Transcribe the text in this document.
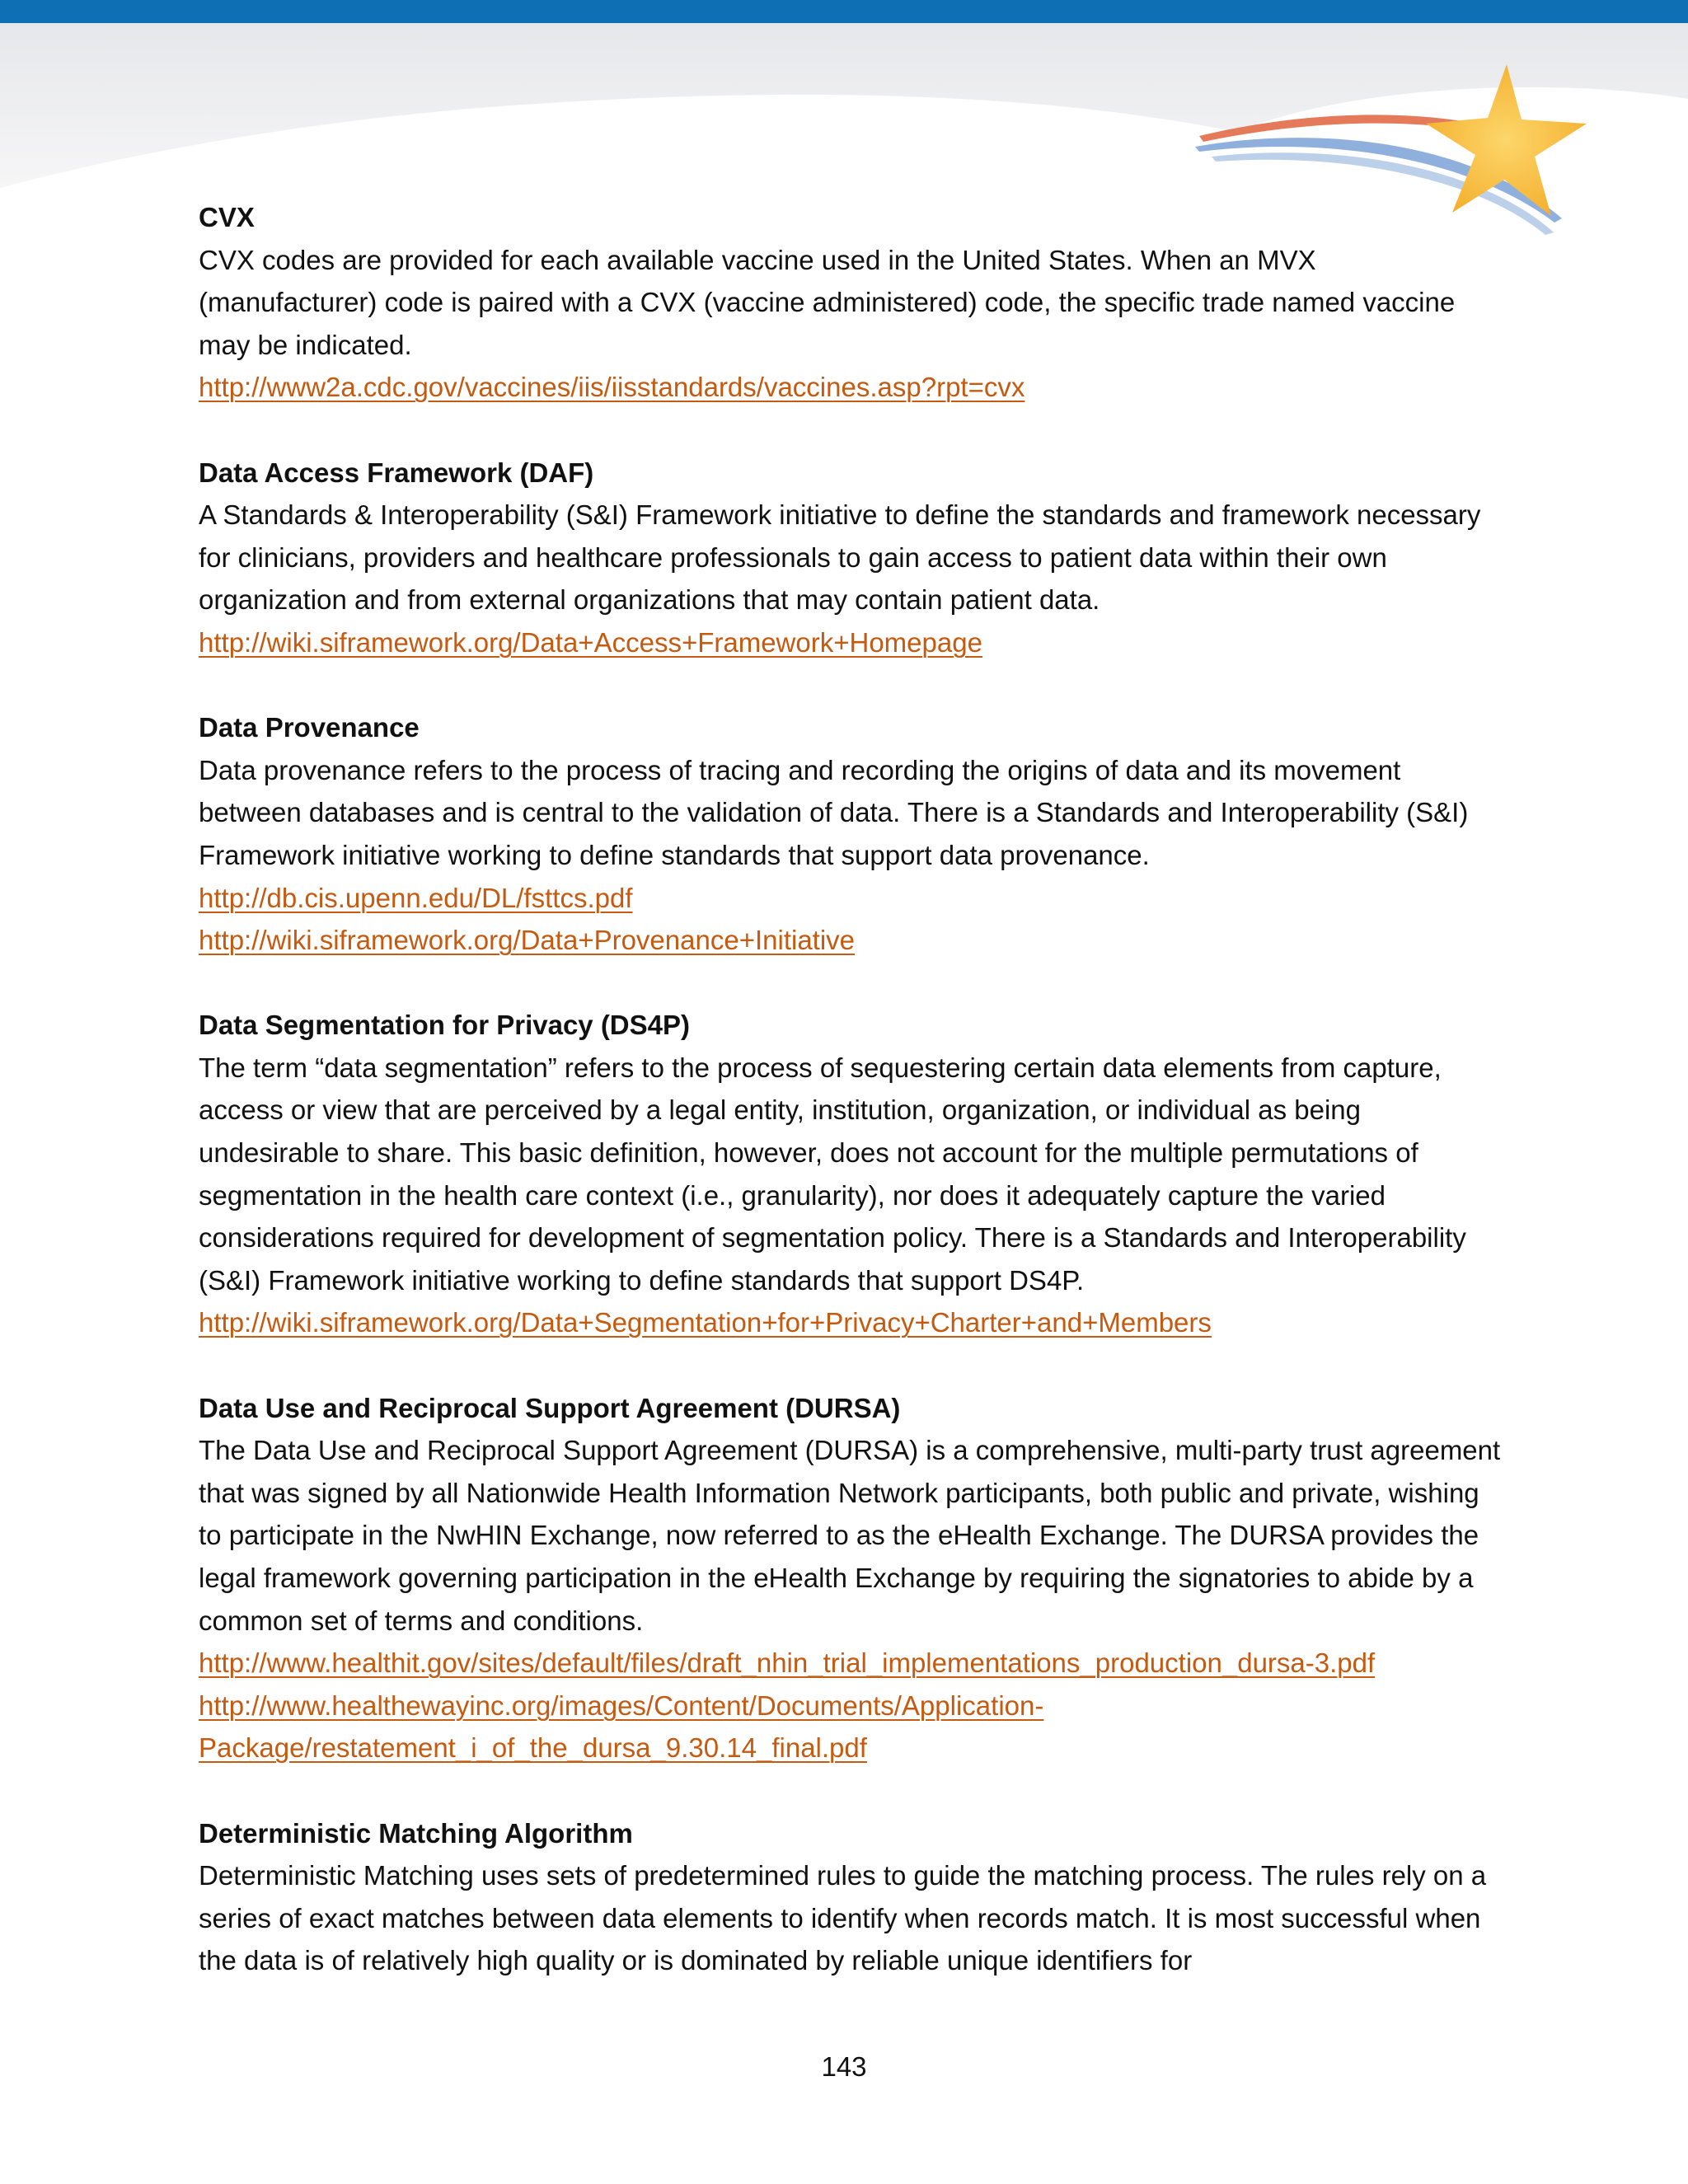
CVX

CVX codes are provided for each available vaccine used in the United States. When an MVX (manufacturer) code is paired with a CVX (vaccine administered) code, the specific trade named vaccine may be indicated.

http://www2a.cdc.gov/vaccines/iis/iisstandards/vaccines.asp?rpt=cvx

Data Access Framework (DAF)

A Standards & Interoperability (S&I) Framework initiative to define the standards and framework necessary for clinicians, providers and healthcare professionals to gain access to patient data within their own organization and from external organizations that may contain patient data.

http://wiki.siframework.org/Data+Access+Framework+Homepage

Data Provenance

Data provenance refers to the process of tracing and recording the origins of data and its movement between databases and is central to the validation of data. There is a Standards and Interoperability (S&I) Framework initiative working to define standards that support data provenance.

http://db.cis.upenn.edu/DL/fsttcs.pdf
http://wiki.siframework.org/Data+Provenance+Initiative

Data Segmentation for Privacy (DS4P)

The term “data segmentation” refers to the process of sequestering certain data elements from capture, access or view that are perceived by a legal entity, institution, organization, or individual as being undesirable to share. This basic definition, however, does not account for the multiple permutations of segmentation in the health care context (i.e., granularity), nor does it adequately capture the varied considerations required for development of segmentation policy. There is a Standards and Interoperability (S&I) Framework initiative working to define standards that support DS4P.

http://wiki.siframework.org/Data+Segmentation+for+Privacy+Charter+and+Members

Data Use and Reciprocal Support Agreement (DURSA)

The Data Use and Reciprocal Support Agreement (DURSA) is a comprehensive, multi-party trust agreement that was signed by all Nationwide Health Information Network participants, both public and private, wishing to participate in the NwHIN Exchange, now referred to as the eHealth Exchange. The DURSA provides the legal framework governing participation in the eHealth Exchange by requiring the signatories to abide by a common set of terms and conditions.

http://www.healthit.gov/sites/default/files/draft_nhin_trial_implementations_production_dursa-3.pdf
http://www.healthewayinc.org/images/Content/Documents/Application-Package/restatement_i_of_the_dursa_9.30.14_final.pdf

Deterministic Matching Algorithm

Deterministic Matching uses sets of predetermined rules to guide the matching process. The rules rely on a series of exact matches between data elements to identify when records match. It is most successful when the data is of relatively high quality or is dominated by reliable unique identifiers for

143
